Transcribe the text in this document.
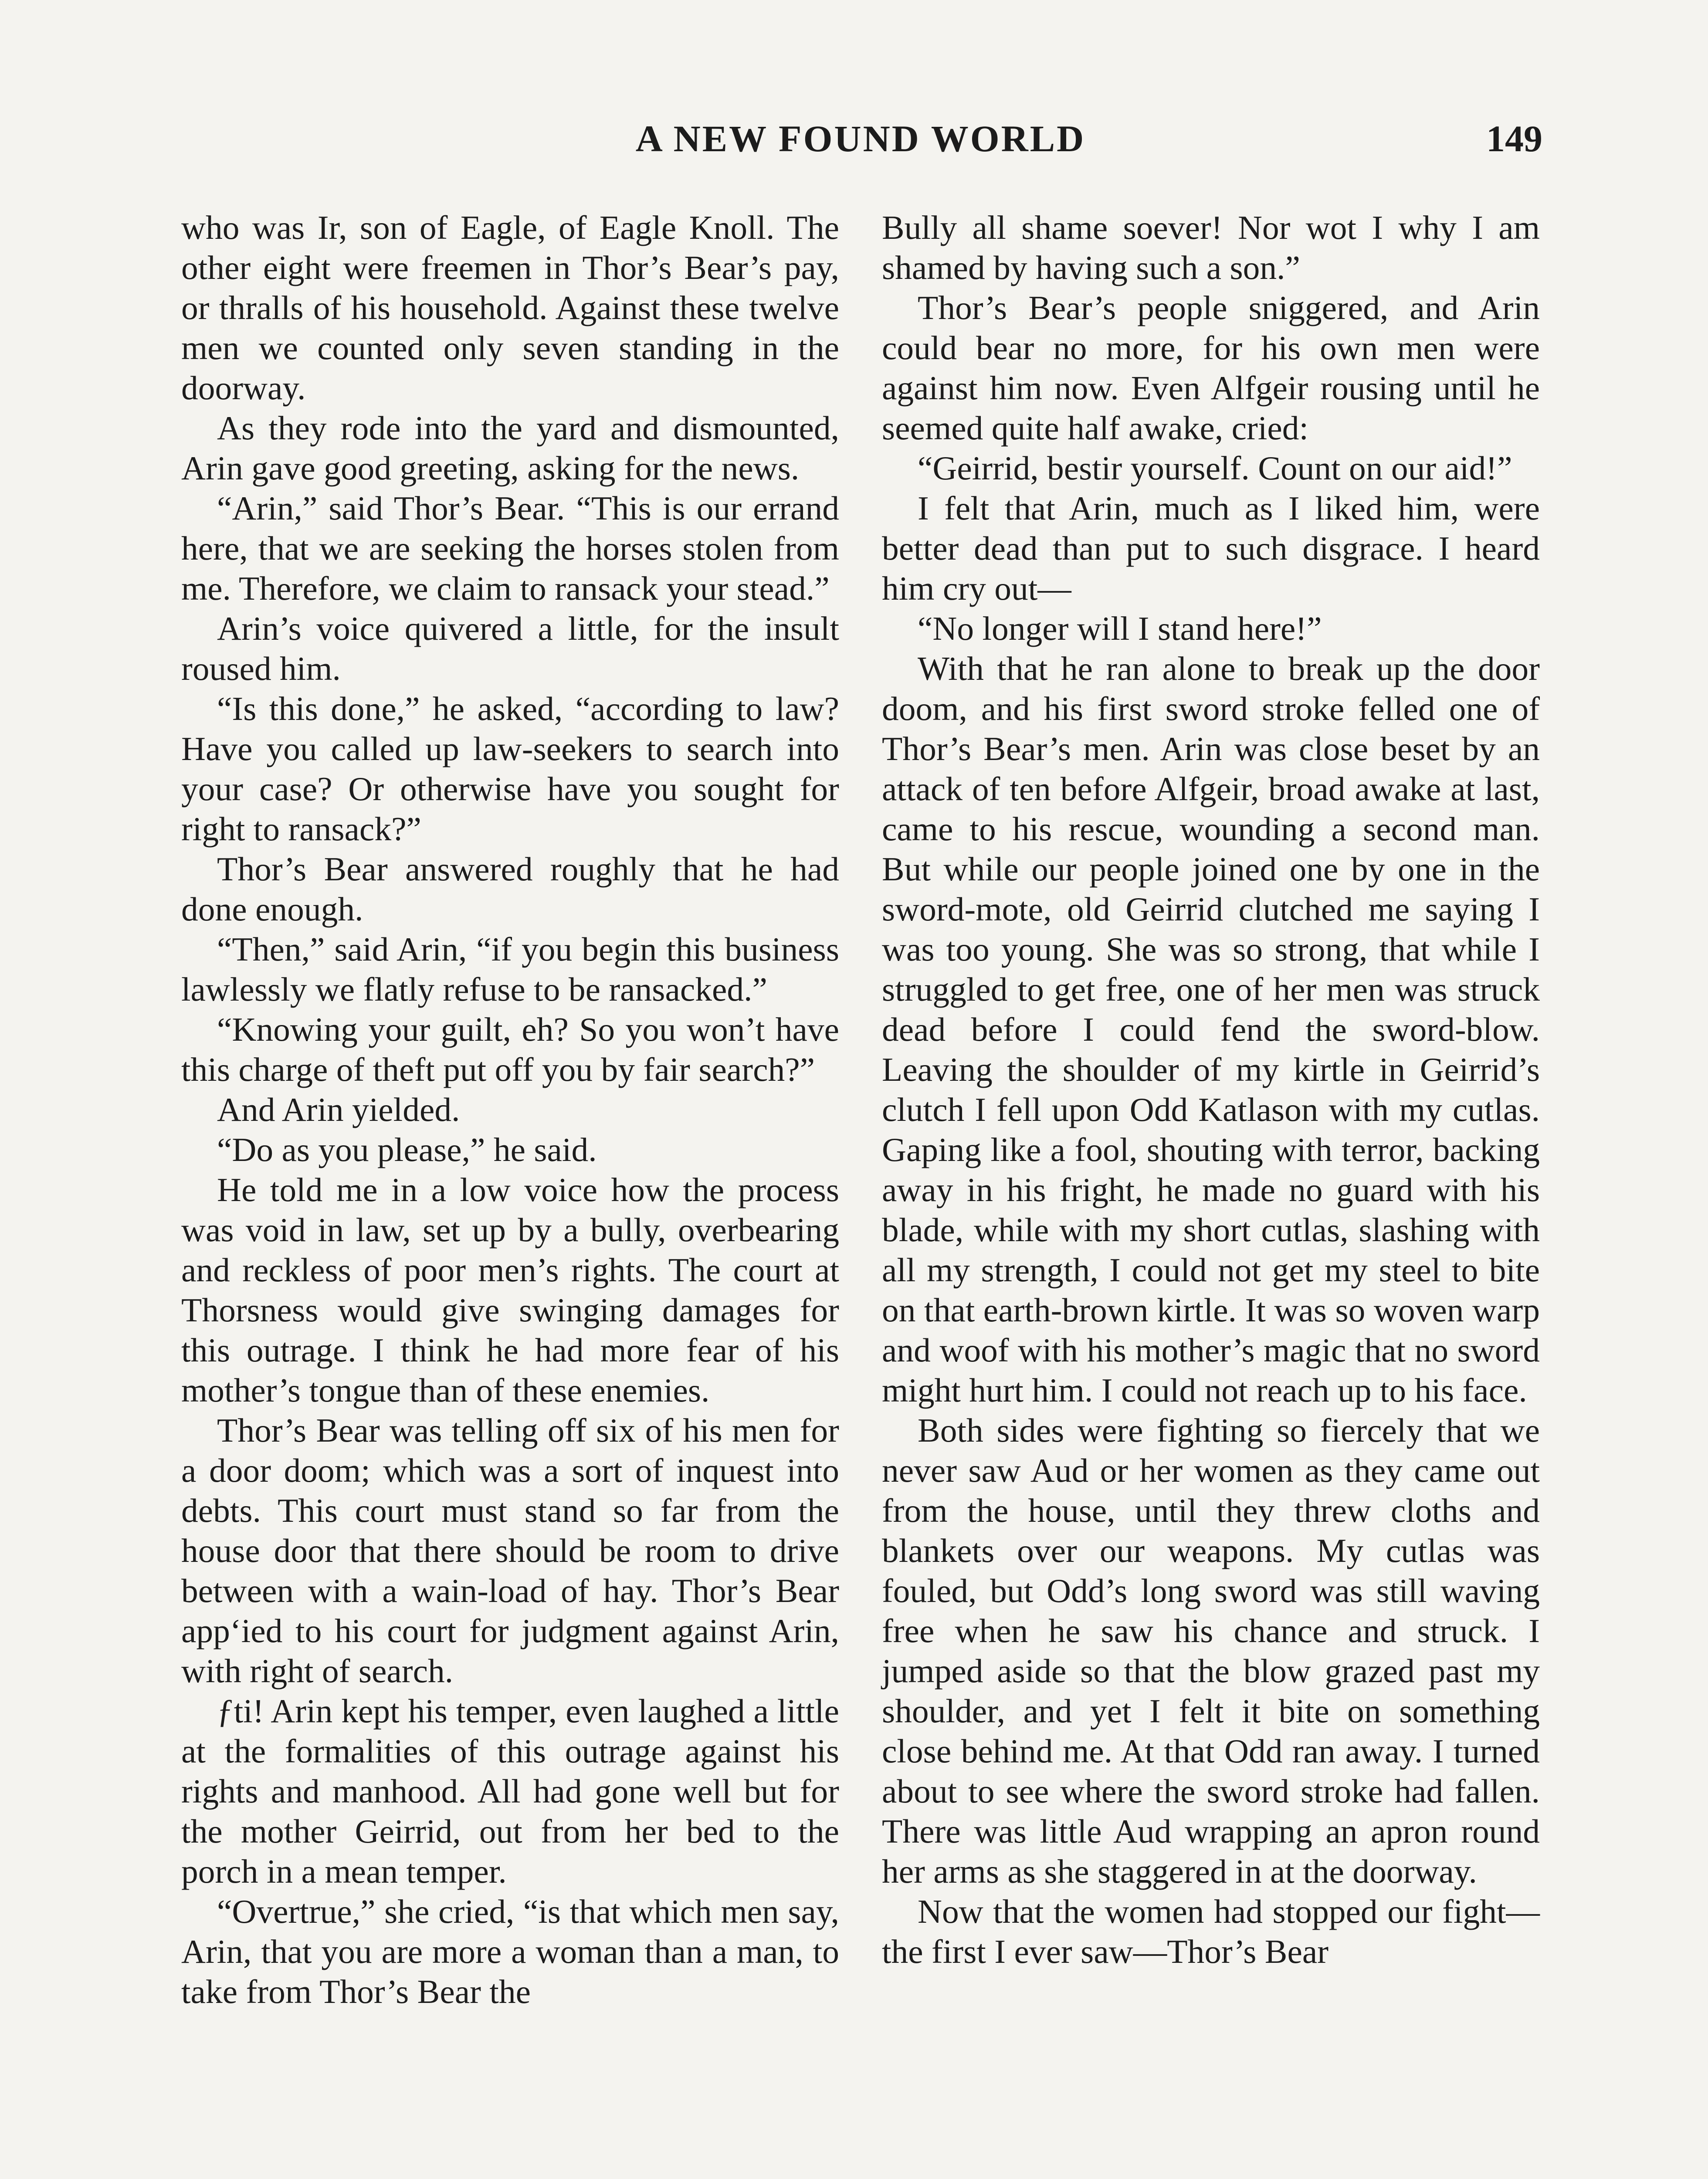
A NEW FOUND WORLD	149

who was Ir, son of Eagle, of Eagle Knoll. The other eight were freemen in Thor’s Bear’s pay, or thralls of his household. Against these twelve men we counted only seven standing in the doorway.

As they rode into the yard and dismounted, Arin gave good greeting, asking for the news.

“Arin,” said Thor’s Bear. “This is our errand here, that we are seeking the horses stolen from me. Therefore, we claim to ransack your stead.”

Arin’s voice quivered a little, for the insult roused him.

“Is this done,” he asked, “according to law? Have you called up law-seekers to search into your case? Or otherwise have you sought for right to ransack?”

Thor’s Bear answered roughly that he had done enough.

“Then,” said Arin, “if you begin this business lawlessly we flatly refuse to be ransacked.”

“Knowing your guilt, eh? So you won’t have this charge of theft put off you by fair search?”

And Arin yielded.

“Do as you please,” he said.

He told me in a low voice how the process was void in law, set up by a bully, overbearing and reckless of poor men’s rights. The court at Thorsness would give swinging damages for this outrage. I think he had more fear of his mother’s tongue than of these enemies.

Thor’s Bear was telling off six of his men for a door doom; which was a sort of inquest into debts. This court must stand so far from the house door that there should be room to drive between with a wain-load of hay. Thor’s Bear app‘ied to his court for judgment against Arin, with right of search.

ƒti! Arin kept his temper, even laughed a little at the formalities of this outrage against his rights and manhood. All had gone well but for the mother Geirrid, out from her bed to the porch in a mean temper.

“Overtrue,” she cried, “is that which men say, Arin, that you are more a woman than a man, to take from Thor’s Bear the

Bully all shame soever! Nor wot I why I am shamed by having such a son.”

Thor’s Bear’s people sniggered, and Arin could bear no more, for his own men were against him now. Even Alfgeir rousing until he seemed quite half awake, cried:

“Geirrid, bestir yourself. Count on our aid!”

I felt that Arin, much as I liked him, were better dead than put to such disgrace. I heard him cry out—

“No longer will I stand here!”

With that he ran alone to break up the door doom, and his first sword stroke felled one of Thor’s Bear’s men. Arin was close beset by an attack of ten before Alfgeir, broad awake at last, came to his rescue, wounding a second man. But while our people joined one by one in the sword-mote, old Geirrid clutched me saying I was too young. She was so strong, that while I struggled to get free, one of her men was struck dead before I could fend the sword-blow. Leaving the shoulder of my kirtle in Geirrid’s clutch I fell upon Odd Katlason with my cutlas. Gaping like a fool, shouting with terror, backing away in his fright, he made no guard with his blade, while with my short cutlas, slashing with all my strength, I could not get my steel to bite on that earth-brown kirtle. It was so woven warp and woof with his mother’s magic that no sword might hurt him. I could not reach up to his face.

Both sides were fighting so fiercely that we never saw Aud or her women as they came out from the house, until they threw cloths and blankets over our weapons. My cutlas was fouled, but Odd’s long sword was still waving free when he saw his chance and struck. I jumped aside so that the blow grazed past my shoulder, and yet I felt it bite on something close behind me. At that Odd ran away. I turned about to see where the sword stroke had fallen. There was little Aud wrapping an apron round her arms as she staggered in at the doorway.

Now that the women had stopped our fight—the first I ever saw—Thor’s Bear
